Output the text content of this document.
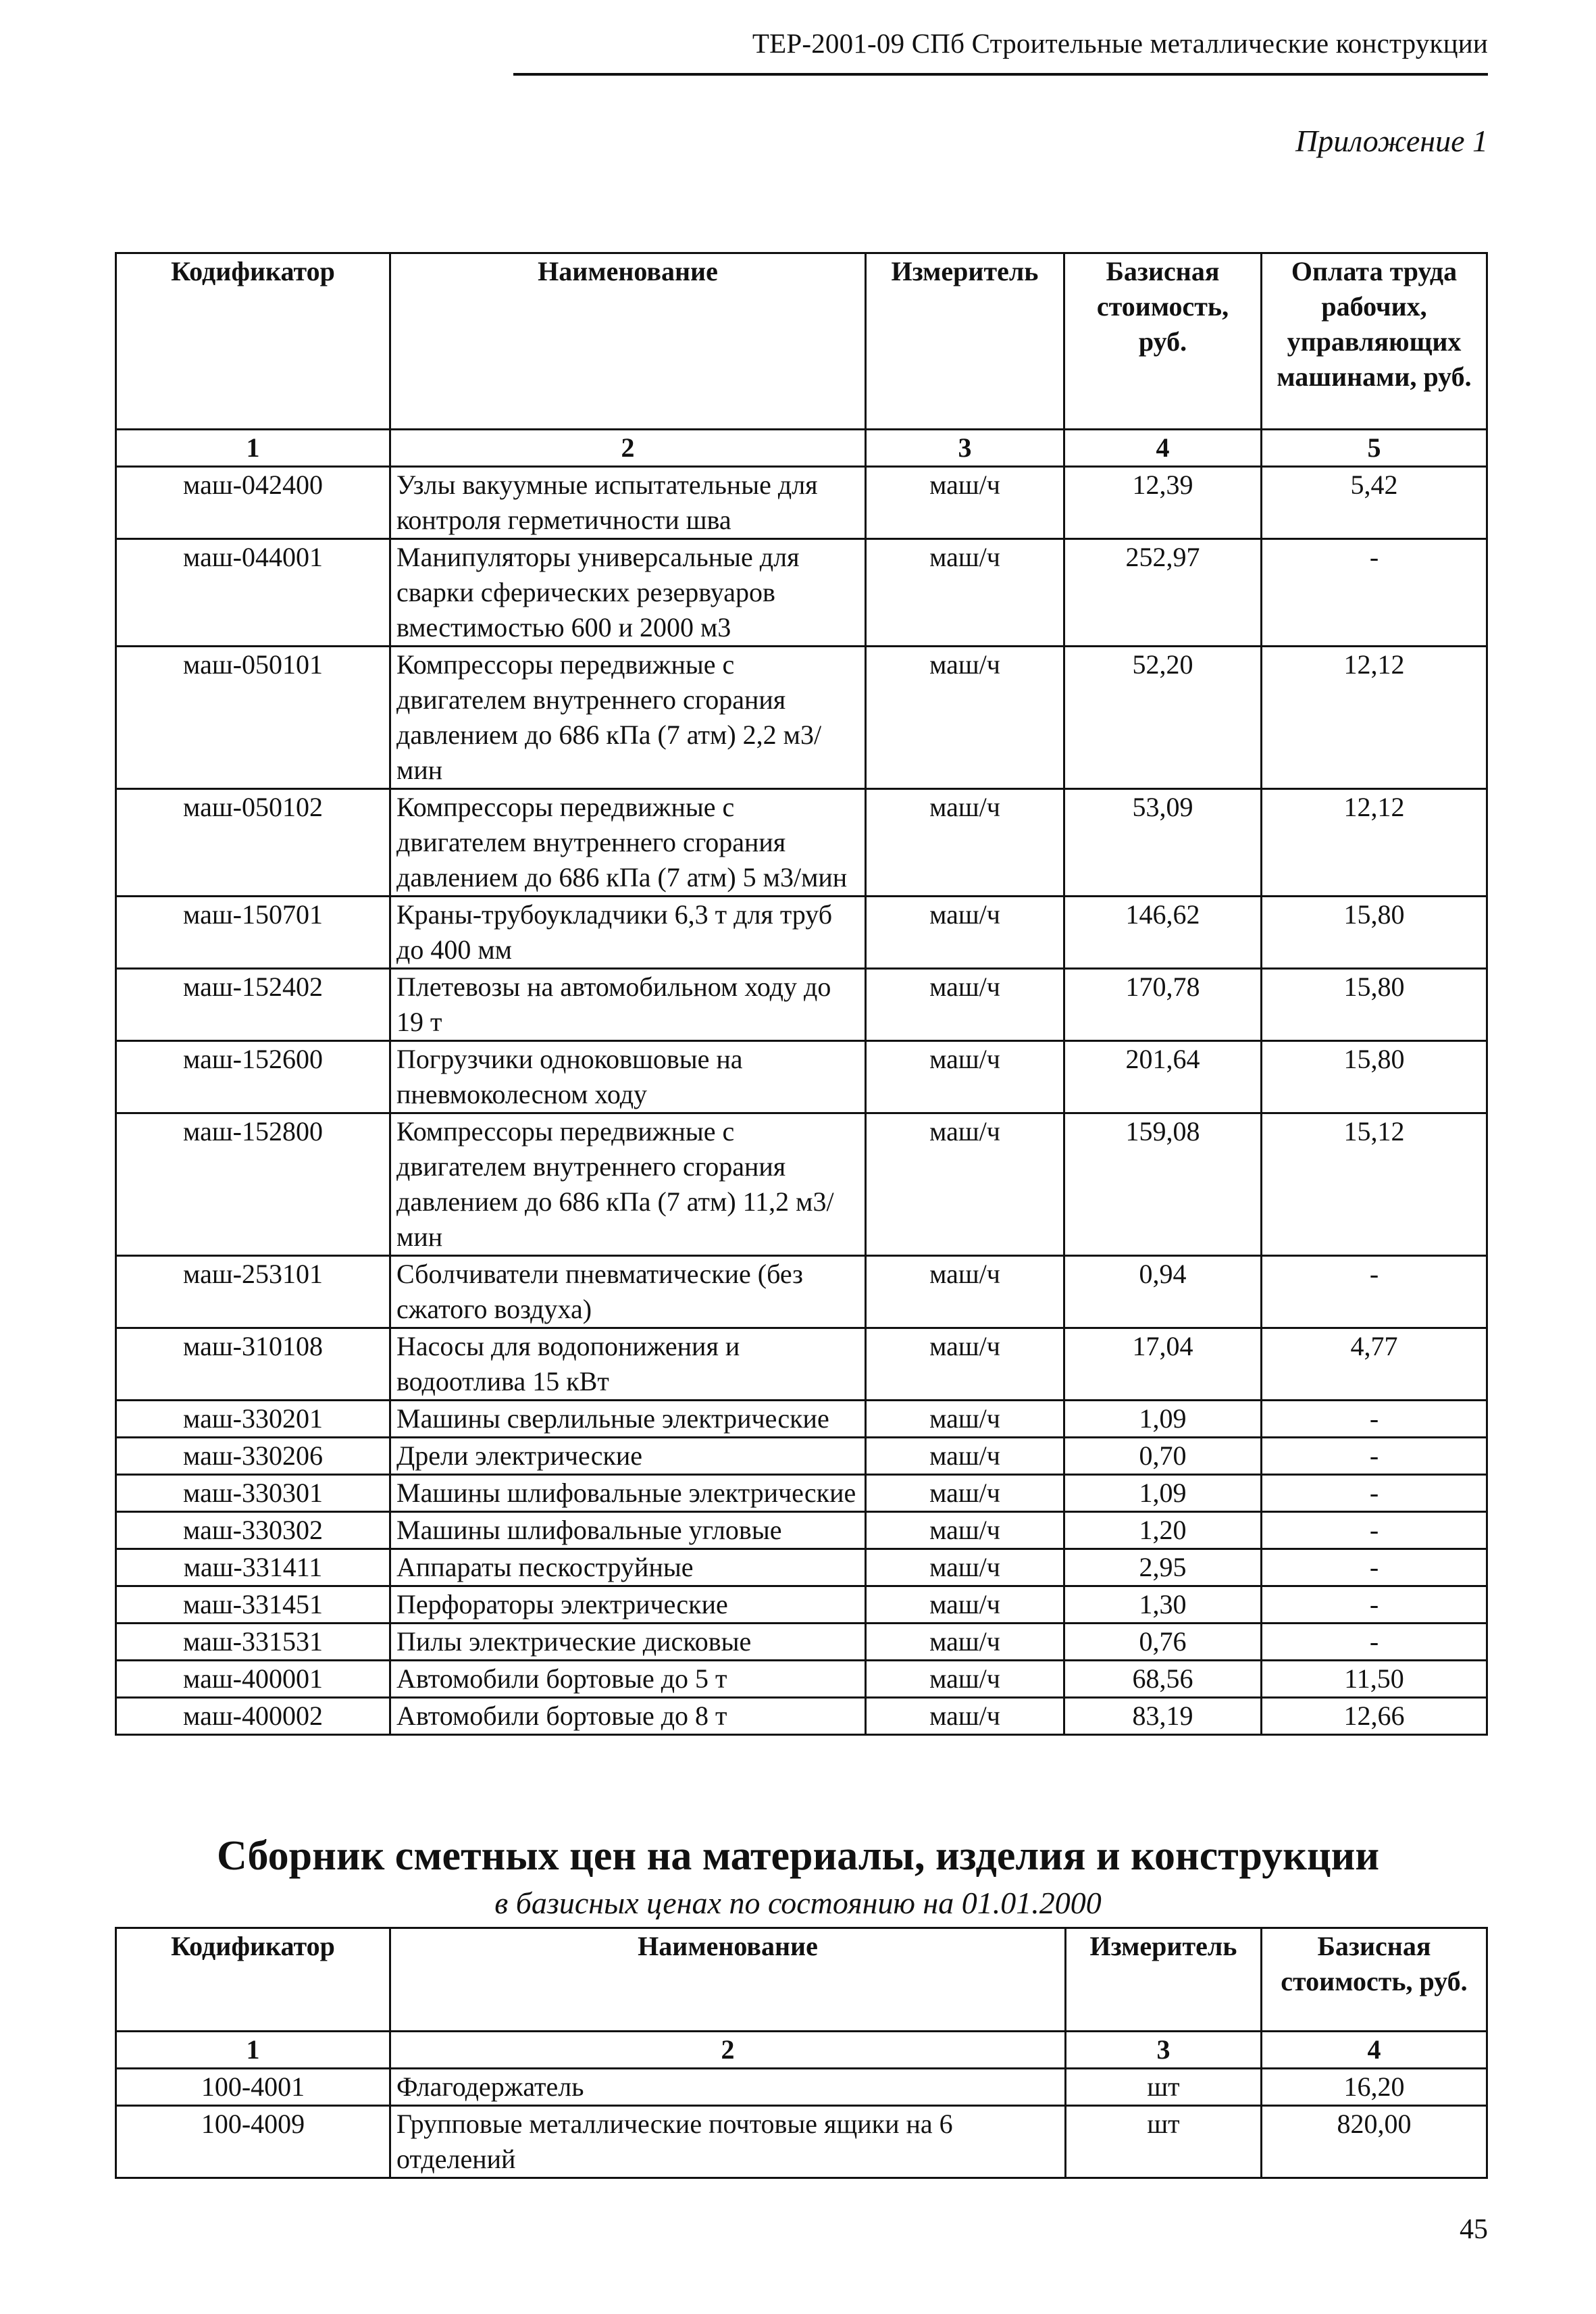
ТЕР-2001-09 СПб Строительные металлические конструкции
Приложение 1
Кодификатор	Наименование	Измеритель	Базисная стоимость, руб.	Оплата труда рабочих, управляющих машинами, руб.
1	2	3	4	5
маш-042400	Узлы вакуумные испытательные для контроля герметичности шва	маш/ч	12,39	5,42
маш-044001	Манипуляторы универсальные для сварки сферических резервуаров вместимостью 600 и 2000 м3	маш/ч	252,97	-
маш-050101	Компрессоры передвижные с двигателем внутреннего сгорания давлением до 686 кПа (7 атм) 2,2 м3/мин	маш/ч	52,20	12,12
маш-050102	Компрессоры передвижные с двигателем внутреннего сгорания давлением до 686 кПа (7 атм) 5 м3/мин	маш/ч	53,09	12,12
маш-150701	Краны-трубоукладчики 6,3 т для труб до 400 мм	маш/ч	146,62	15,80
маш-152402	Плетевозы на автомобильном ходу до 19 т	маш/ч	170,78	15,80
маш-152600	Погрузчики одноковшовые на пневмоколесном ходу	маш/ч	201,64	15,80
маш-152800	Компрессоры передвижные с двигателем внутреннего сгорания давлением до 686 кПа (7 атм) 11,2 м3/мин	маш/ч	159,08	15,12
маш-253101	Сболчиватели пневматические (без сжатого воздуха)	маш/ч	0,94	-
маш-310108	Насосы для водопонижения и водоотлива 15 кВт	маш/ч	17,04	4,77
маш-330201	Машины сверлильные электрические	маш/ч	1,09	-
маш-330206	Дрели электрические	маш/ч	0,70	-
маш-330301	Машины шлифовальные электрические	маш/ч	1,09	-
маш-330302	Машины шлифовальные угловые	маш/ч	1,20	-
маш-331411	Аппараты пескоструйные	маш/ч	2,95	-
маш-331451	Перфораторы электрические	маш/ч	1,30	-
маш-331531	Пилы электрические дисковые	маш/ч	0,76	-
маш-400001	Автомобили бортовые до 5 т	маш/ч	68,56	11,50
маш-400002	Автомобили бортовые до 8 т	маш/ч	83,19	12,66
Сборник сметных цен на материалы, изделия и конструкции
в базисных ценах по состоянию на 01.01.2000
Кодификатор	Наименование	Измеритель	Базисная стоимость, руб.
1	2	3	4
100-4001	Флагодержатель	шт	16,20
100-4009	Групповые металлические почтовые ящики на 6 отделений	шт	820,00
45
